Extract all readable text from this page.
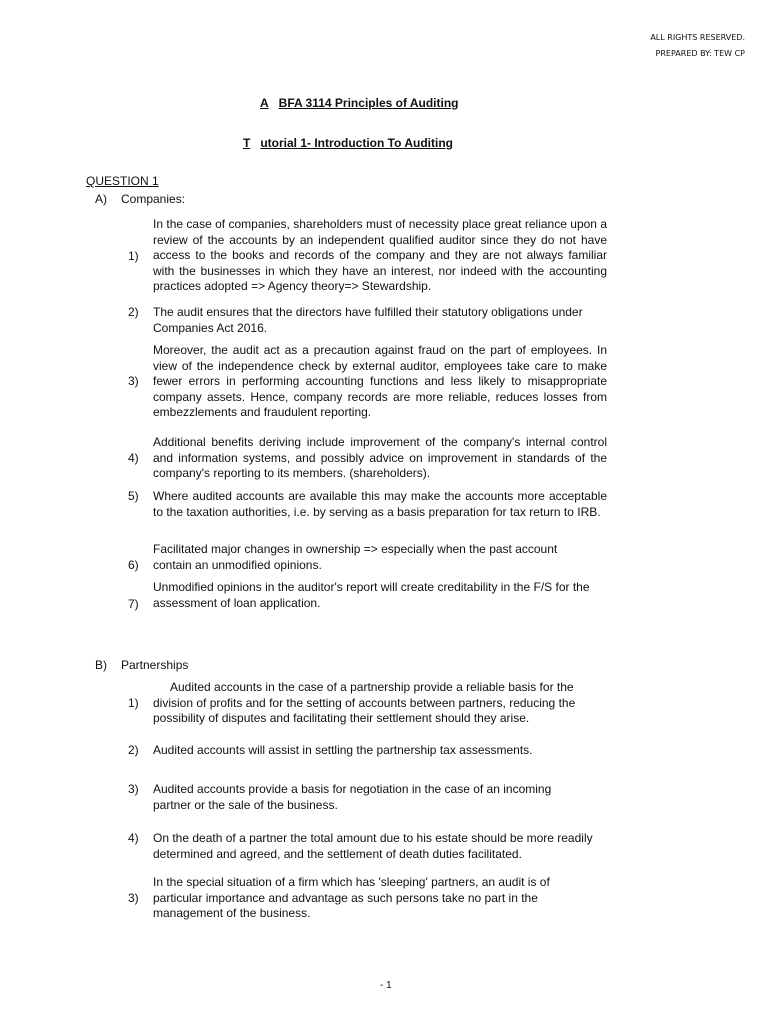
ALL RIGHTS RESERVED.
PREPARED BY: TEW CP
A BFA 3114 Principles of Auditing
T utorial 1- Introduction To Auditing
QUESTION 1
A) Companies:
1)
In the case of companies, shareholders must of necessity place great reliance upon a review of the accounts by an independent qualified auditor since they do not have access to the books and records of the company and they are not always familiar with the businesses in which they have an interest, nor indeed with the accounting practices adopted => Agency theory=> Stewardship.
2)	The audit ensures that the directors have fulfilled their statutory obligations under Companies Act 2016.
3)
Moreover, the audit act as a precaution against fraud on the part of employees. In view of the independence check by external auditor, employees take care to make fewer errors in performing accounting functions and less likely to misappropriate company assets. Hence, company records are more reliable, reduces losses from embezzlements and fraudulent reporting.
4)
Additional benefits deriving include improvement of the company's internal control and information systems, and possibly advice on improvement in standards of the company's reporting to its members. (shareholders).
5)	Where audited accounts are available this may make the accounts more acceptable to the taxation authorities, i.e. by serving as a basis preparation for tax return to IRB.
6)
Facilitated major changes in ownership => especially when the past account contain an unmodified opinions.
7)
Unmodified opinions in the auditor's report will create creditability in the F/S for the assessment of loan application.
B) Partnerships
1)
Audited accounts in the case of a partnership provide a reliable basis for the division of profits and for the setting of accounts between partners, reducing the possibility of disputes and facilitating their settlement should they arise.
2)	Audited accounts will assist in settling the partnership tax assessments.
3)	Audited accounts provide a basis for negotiation in the case of an incoming partner or the sale of the business.
4)	On the death of a partner the total amount due to his estate should be more readily determined and agreed, and the settlement of death duties facilitated.
3)
In the special situation of a firm which has 'sleeping' partners, an audit is of particular importance and advantage as such persons take no part in the management of the business.
- 1
